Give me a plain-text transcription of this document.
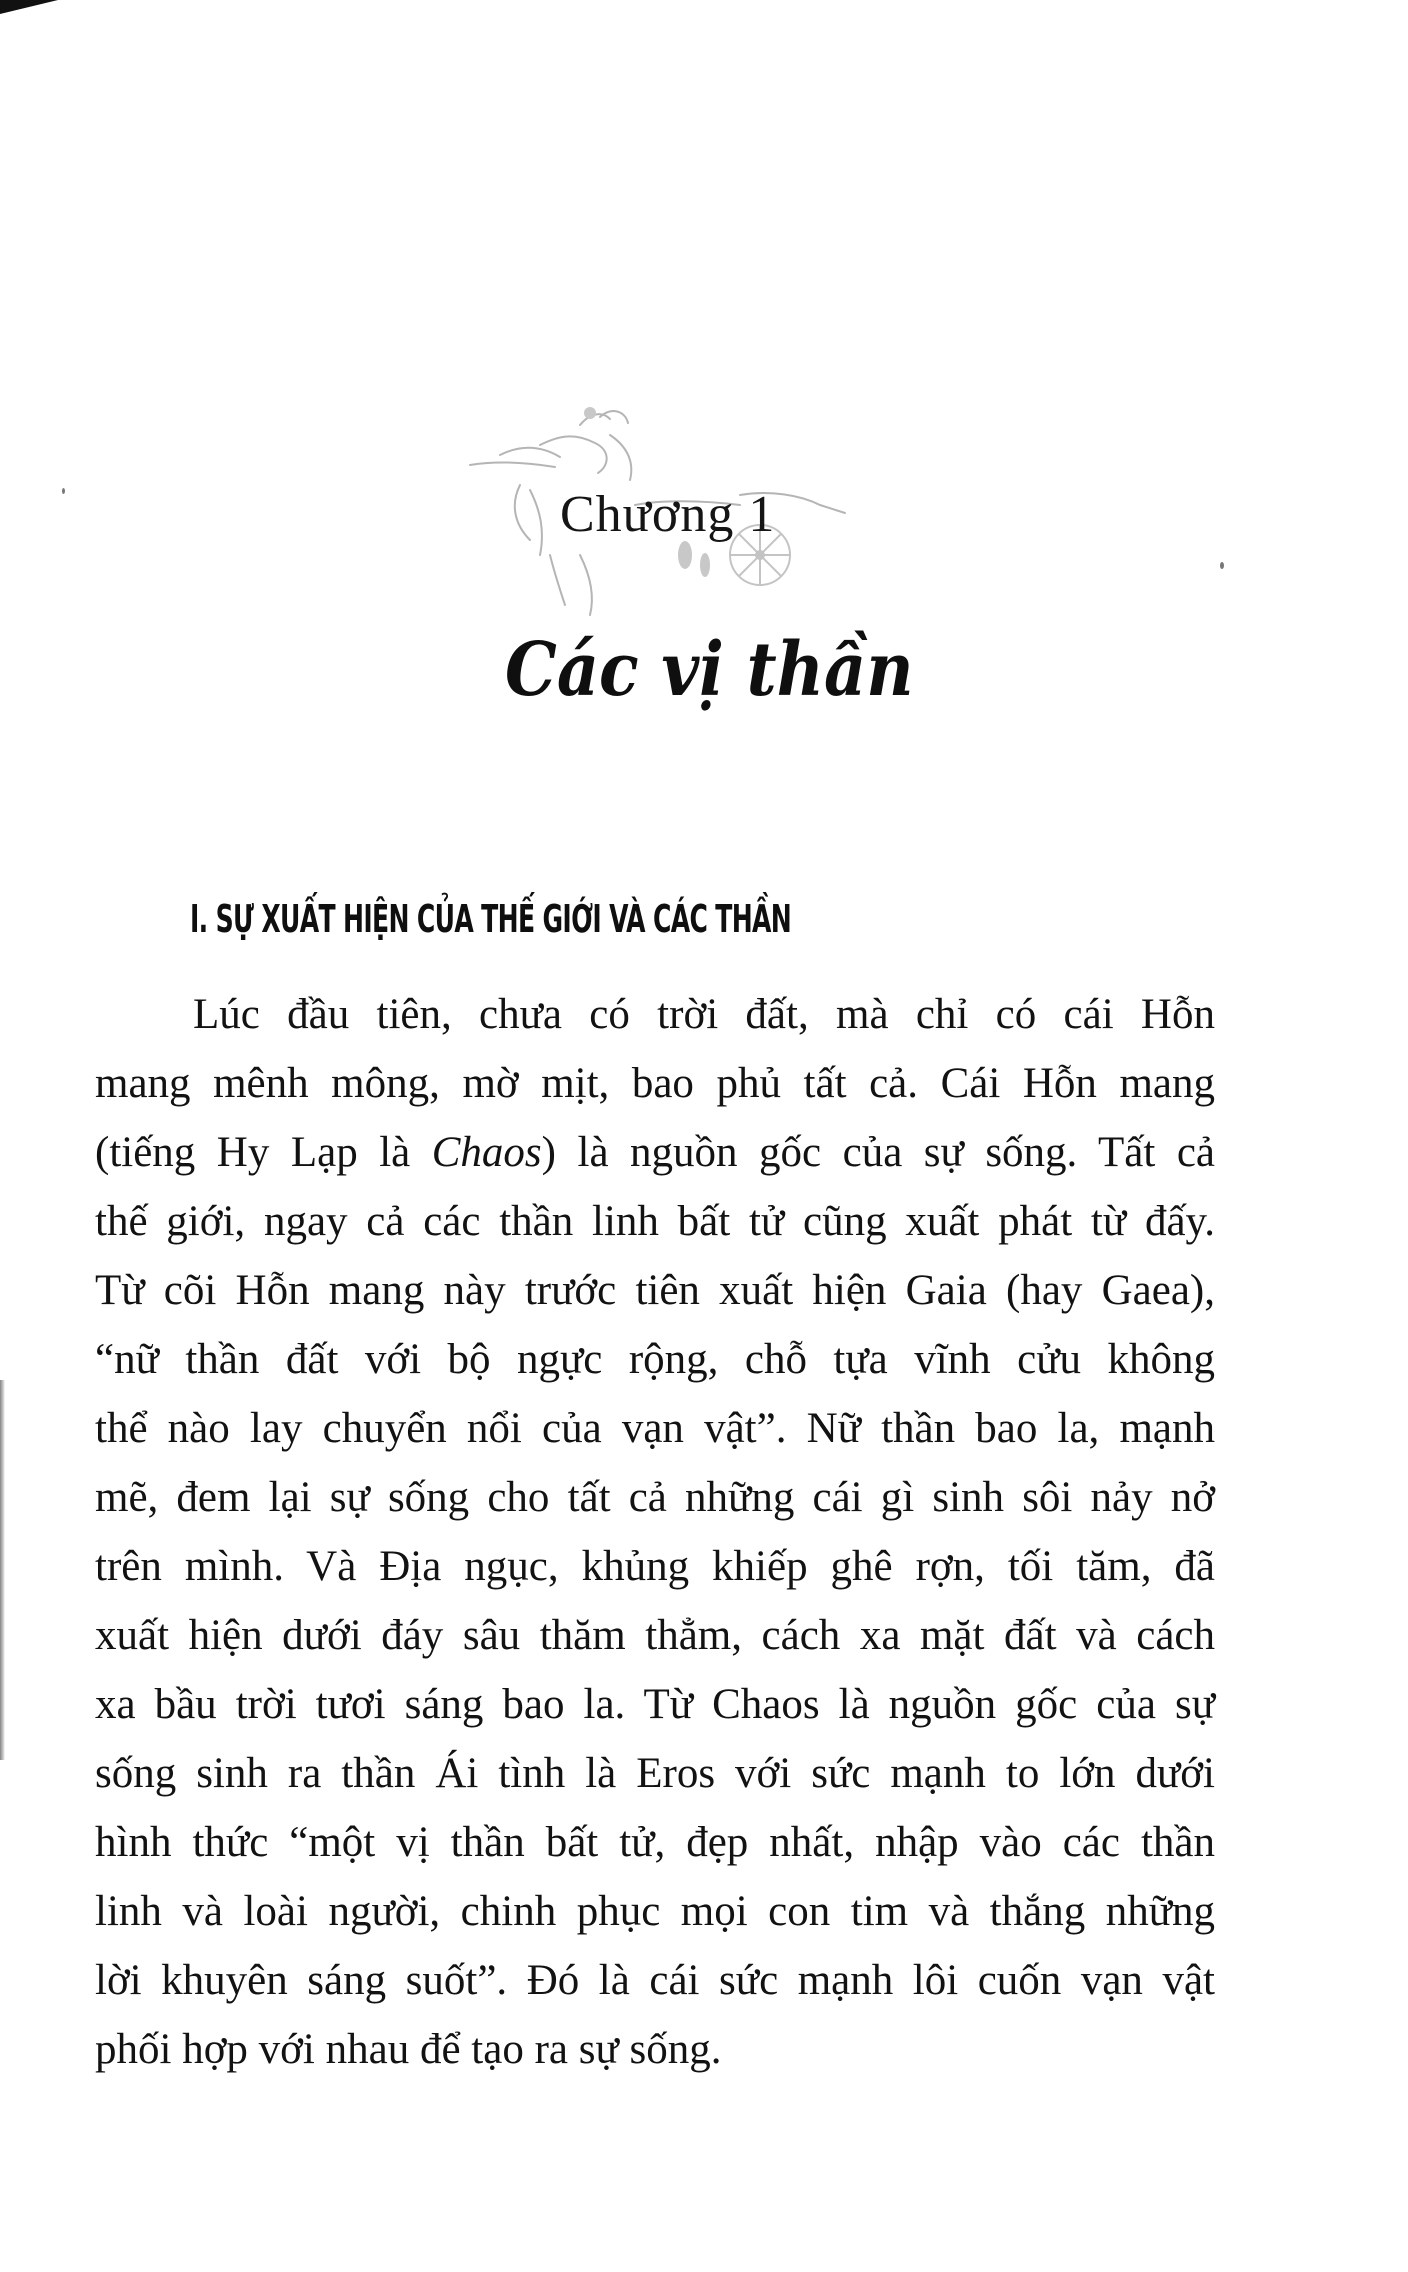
Chương 1
Các vị thần
I. SỰ XUẤT HIỆN CỦA THẾ GIỚI VÀ CÁC THẦN
Lúc đầu tiên, chưa có trời đất, mà chỉ có cái Hỗn
mang mênh mông, mờ mịt, bao phủ tất cả. Cái Hỗn mang
(tiếng Hy Lạp là Chaos) là nguồn gốc của sự sống. Tất cả
thế giới, ngay cả các thần linh bất tử cũng xuất phát từ đấy.
Từ cõi Hỗn mang này trước tiên xuất hiện Gaia (hay Gaea),
“nữ thần đất với bộ ngực rộng, chỗ tựa vĩnh cửu không
thể nào lay chuyển nổi của vạn vật”. Nữ thần bao la, mạnh
mẽ, đem lại sự sống cho tất cả những cái gì sinh sôi nảy nở
trên mình. Và Địa ngục, khủng khiếp ghê rợn, tối tăm, đã
xuất hiện dưới đáy sâu thăm thẳm, cách xa mặt đất và cách
xa bầu trời tươi sáng bao la. Từ Chaos là nguồn gốc của sự
sống sinh ra thần Ái tình là Eros với sức mạnh to lớn dưới
hình thức “một vị thần bất tử, đẹp nhất, nhập vào các thần
linh và loài người, chinh phục mọi con tim và thắng những
lời khuyên sáng suốt”. Đó là cái sức mạnh lôi cuốn vạn vật
phối hợp với nhau để tạo ra sự sống.
